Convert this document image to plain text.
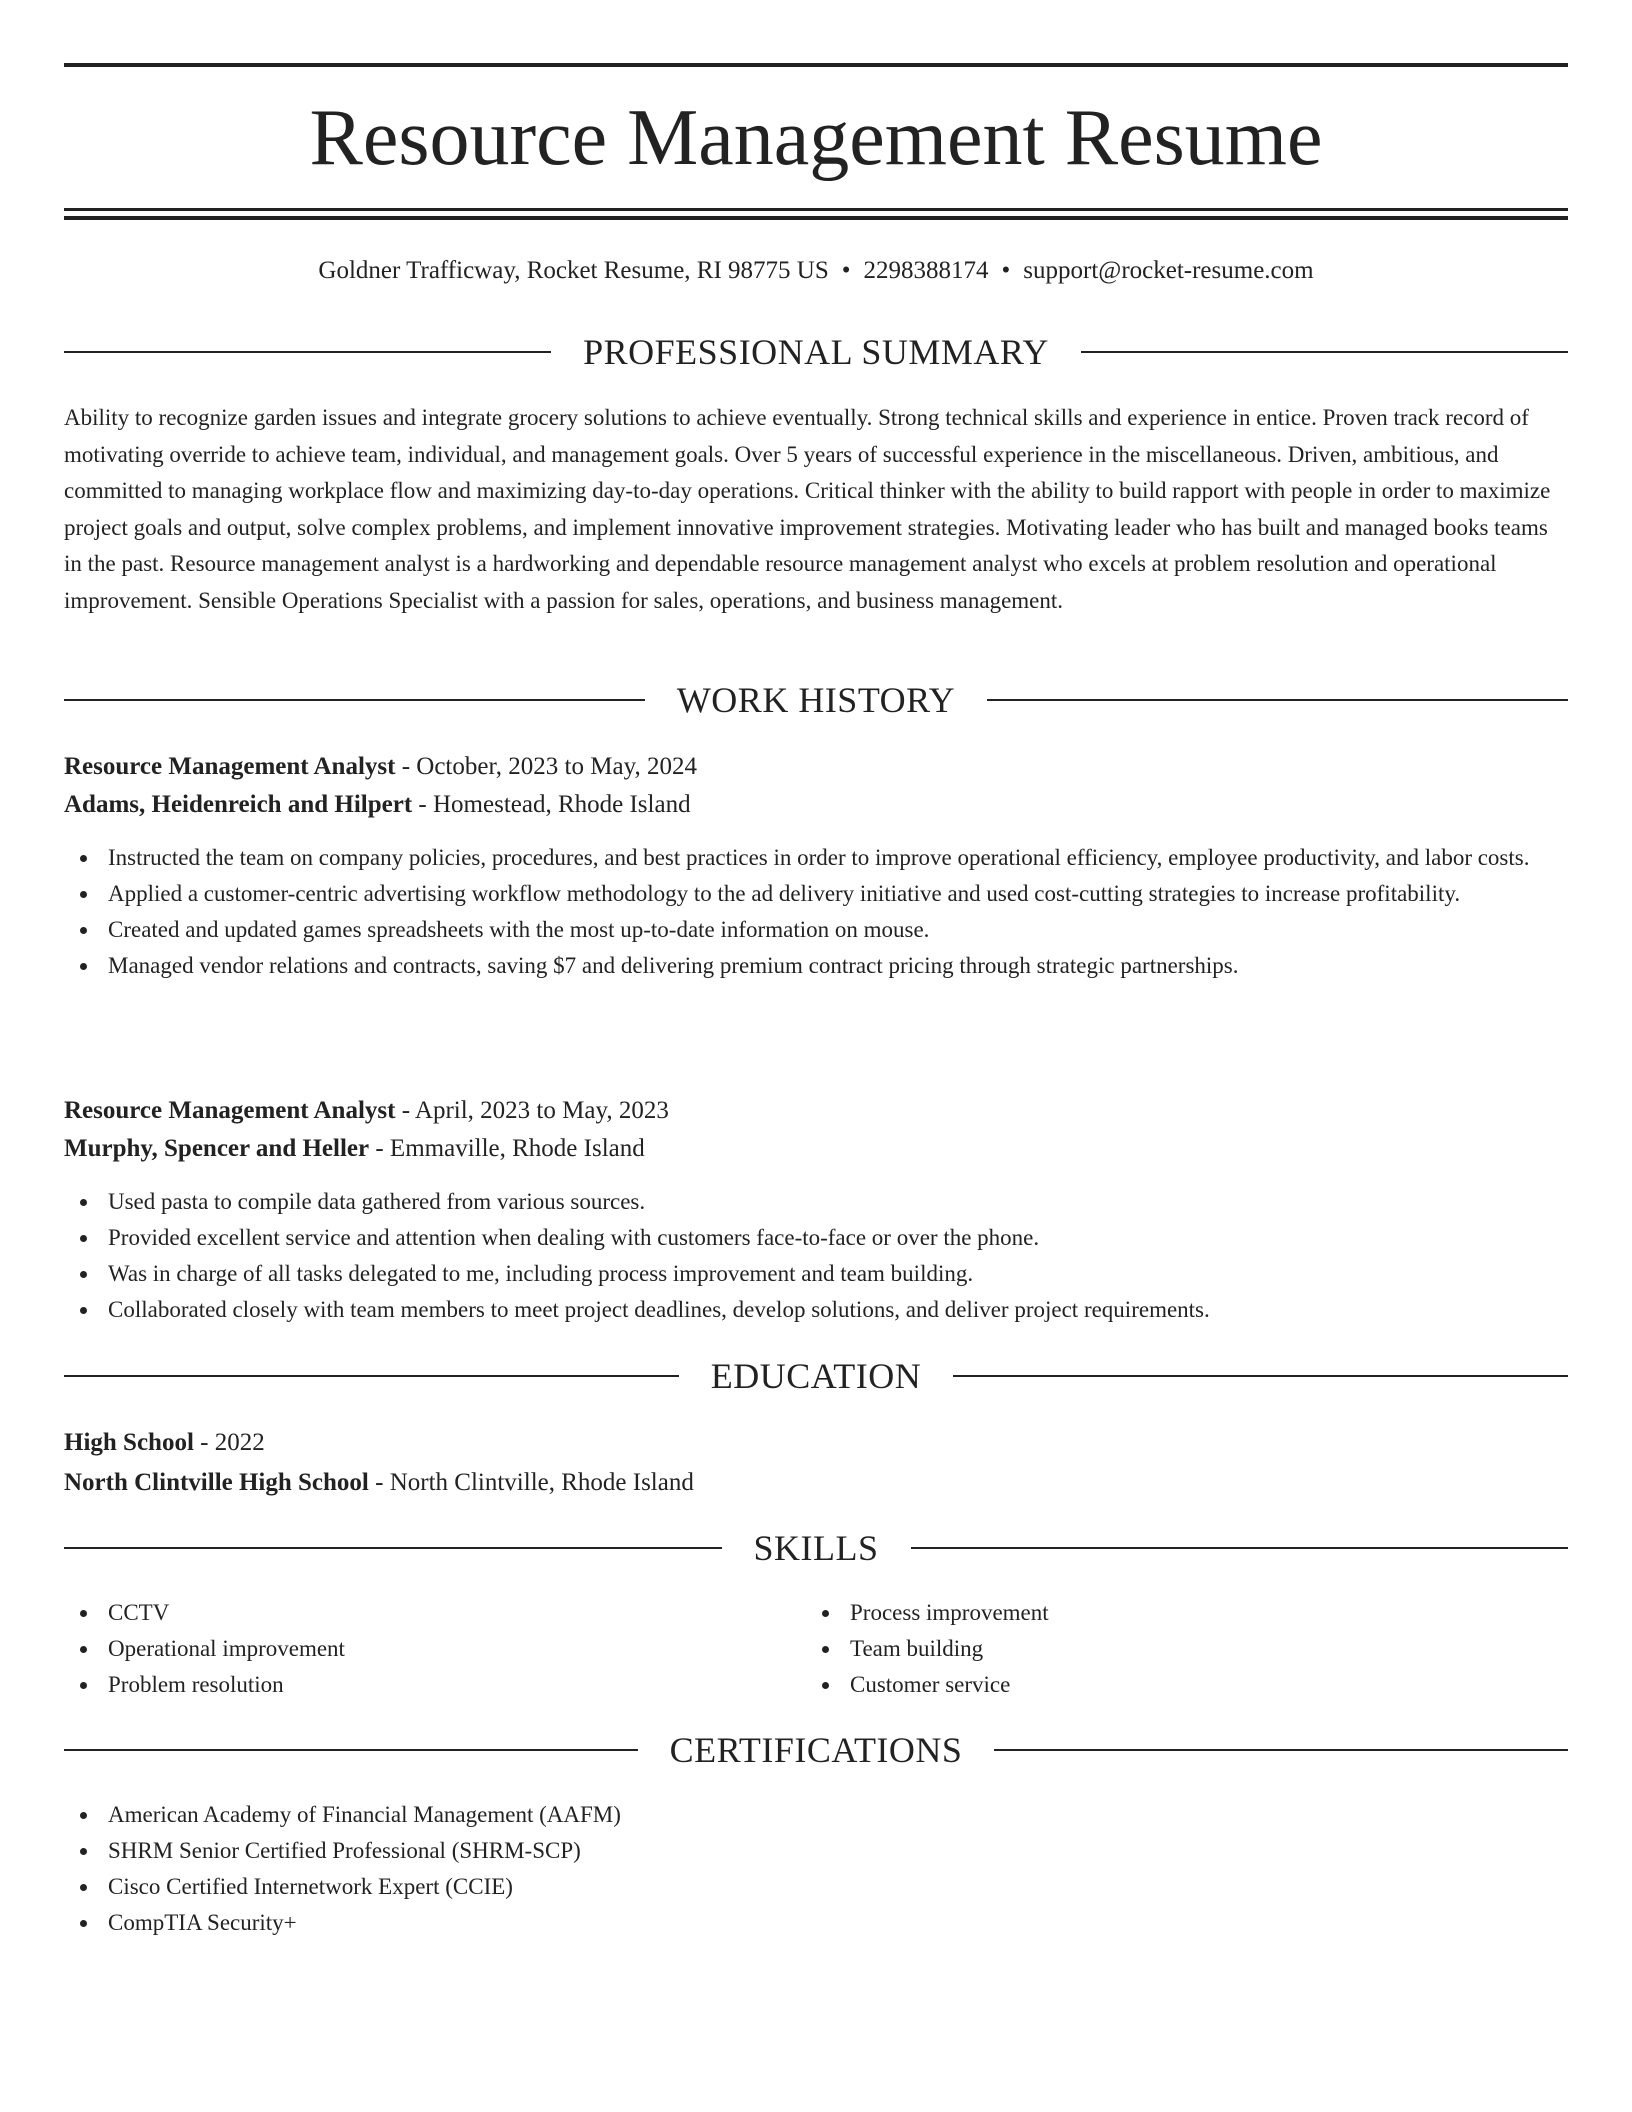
Resource Management Resume
Goldner Trafficway, Rocket Resume, RI 98775 US • 2298388174 • support@rocket-resume.com
PROFESSIONAL SUMMARY

Ability to recognize garden issues and integrate grocery solutions to achieve eventually. Strong technical skills and experience in entice. Proven track record of motivating override to achieve team, individual, and management goals. Over 5 years of successful experience in the miscellaneous. Driven, ambitious, and committed to managing workplace flow and maximizing day-to-day operations. Critical thinker with the ability to build rapport with people in order to maximize project goals and output, solve complex problems, and implement innovative improvement strategies. Motivating leader who has built and managed books teams in the past. Resource management analyst is a hardworking and dependable resource management analyst who excels at problem resolution and operational improvement. Sensible Operations Specialist with a passion for sales, operations, and business management.

WORK HISTORY
Resource Management Analyst - October, 2023 to May, 2024
Adams, Heidenreich and Hilpert - Homestead, Rhode Island
Instructed the team on company policies, procedures, and best practices in order to improve operational efficiency, employee productivity, and labor costs.
Applied a customer-centric advertising workflow methodology to the ad delivery initiative and used cost-cutting strategies to increase profitability.
Created and updated games spreadsheets with the most up-to-date information on mouse.
Managed vendor relations and contracts, saving $7 and delivering premium contract pricing through strategic partnerships.
Resource Management Analyst - April, 2023 to May, 2023
Murphy, Spencer and Heller - Emmaville, Rhode Island
Used pasta to compile data gathered from various sources.
Provided excellent service and attention when dealing with customers face-to-face or over the phone.
Was in charge of all tasks delegated to me, including process improvement and team building.
Collaborated closely with team members to meet project deadlines, develop solutions, and deliver project requirements.
EDUCATION
High School - 2022
North Clintville High School - North Clintville, Rhode Island
SKILLS
CCTV
Operational improvement
Problem resolution
Process improvement
Team building
Customer service
CERTIFICATIONS
American Academy of Financial Management (AAFM)
SHRM Senior Certified Professional (SHRM-SCP)
Cisco Certified Internetwork Expert (CCIE)
CompTIA Security+
